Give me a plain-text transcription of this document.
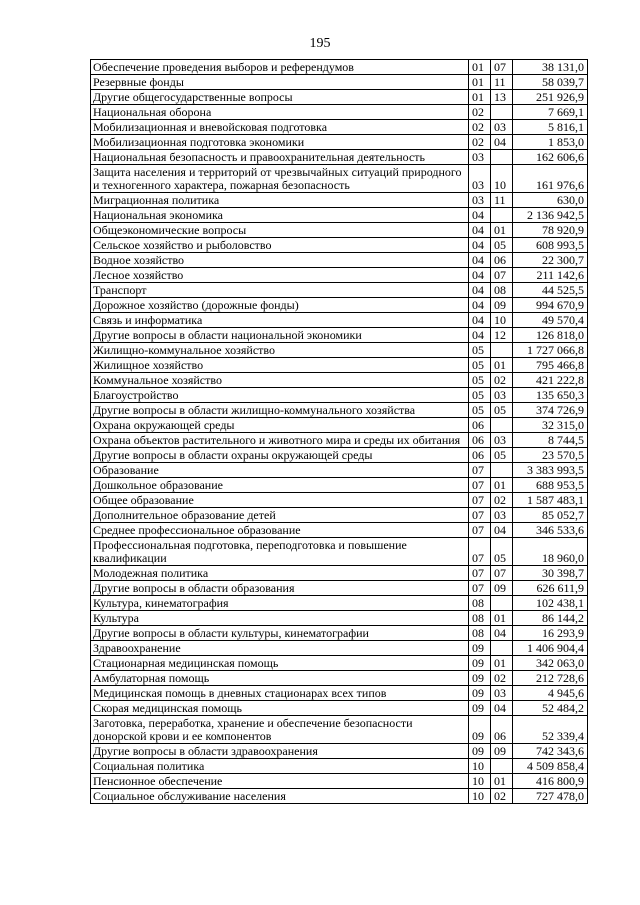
195
Обеспечение проведения выборов и референдумов	01	07	38 131,0
Резервные фонды	01	11	58 039,7
Другие общегосударственные вопросы	01	13	251 926,9
Национальная оборона	02		7 669,1
Мобилизационная и вневойсковая подготовка	02	03	5 816,1
Мобилизационная подготовка экономики	02	04	1 853,0
Национальная безопасность и правоохранительная деятельность	03		162 606,6
Защита населения и территорий от чрезвычайных ситуаций природного и техногенного характера, пожарная безопасность	03	10	161 976,6
Миграционная политика	03	11	630,0
Национальная экономика	04		2 136 942,5
Общеэкономические вопросы	04	01	78 920,9
Сельское хозяйство и рыболовство	04	05	608 993,5
Водное хозяйство	04	06	22 300,7
Лесное хозяйство	04	07	211 142,6
Транспорт	04	08	44 525,5
Дорожное хозяйство (дорожные фонды)	04	09	994 670,9
Связь и информатика	04	10	49 570,4
Другие вопросы в области национальной экономики	04	12	126 818,0
Жилищно-коммунальное хозяйство	05		1 727 066,8
Жилищное хозяйство	05	01	795 466,8
Коммунальное хозяйство	05	02	421 222,8
Благоустройство	05	03	135 650,3
Другие вопросы в области жилищно-коммунального хозяйства	05	05	374 726,9
Охрана окружающей среды	06		32 315,0
Охрана объектов растительного и животного мира и среды их обитания	06	03	8 744,5
Другие вопросы в области охраны окружающей среды	06	05	23 570,5
Образование	07		3 383 993,5
Дошкольное образование	07	01	688 953,5
Общее образование	07	02	1 587 483,1
Дополнительное образование детей	07	03	85 052,7
Среднее профессиональное образование	07	04	346 533,6
Профессиональная подготовка, переподготовка и повышение квалификации	07	05	18 960,0
Молодежная политика	07	07	30 398,7
Другие вопросы в области образования	07	09	626 611,9
Культура, кинематография	08		102 438,1
Культура	08	01	86 144,2
Другие вопросы в области культуры, кинематографии	08	04	16 293,9
Здравоохранение	09		1 406 904,4
Стационарная медицинская помощь	09	01	342 063,0
Амбулаторная помощь	09	02	212 728,6
Медицинская помощь в дневных стационарах всех типов	09	03	4 945,6
Скорая медицинская помощь	09	04	52 484,2
Заготовка, переработка, хранение и обеспечение безопасности донорской крови и ее компонентов	09	06	52 339,4
Другие вопросы в области здравоохранения	09	09	742 343,6
Социальная политика	10		4 509 858,4
Пенсионное обеспечение	10	01	416 800,9
Социальное обслуживание населения	10	02	727 478,0
